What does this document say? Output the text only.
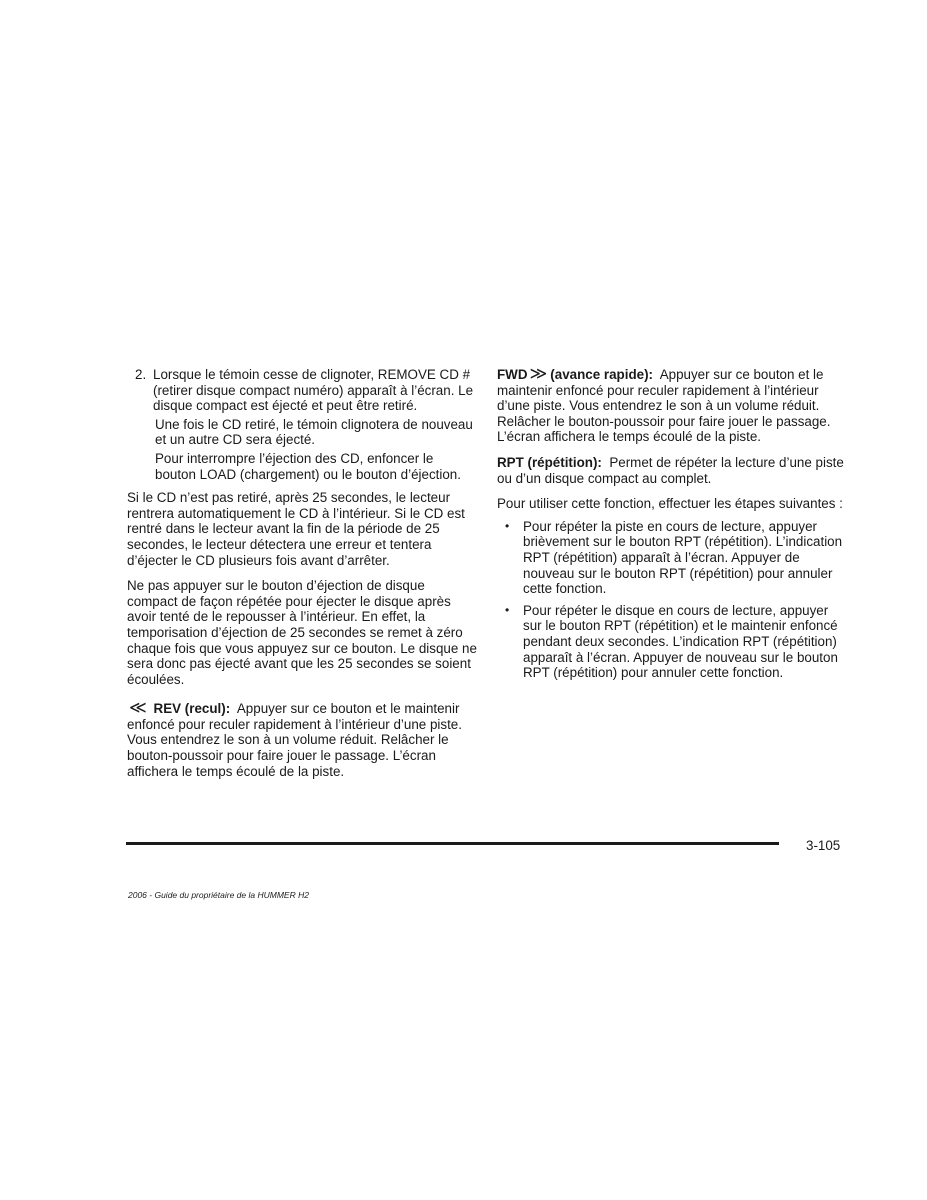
2. Lorsque le témoin cesse de clignoter, REMOVE CD # (retirer disque compact numéro) apparaît à l’écran. Le disque compact est éjecté et peut être retiré.

Une fois le CD retiré, le témoin clignotera de nouveau et un autre CD sera éjecté.

Pour interrompre l’éjection des CD, enfoncer le bouton LOAD (chargement) ou le bouton d’éjection.

Si le CD n’est pas retiré, après 25 secondes, le lecteur rentrera automatiquement le CD à l’intérieur. Si le CD est rentré dans le lecteur avant la fin de la période de 25 secondes, le lecteur détectera une erreur et tentera d’éjecter le CD plusieurs fois avant d’arrêter.

Ne pas appuyer sur le bouton d’éjection de disque compact de façon répétée pour éjecter le disque après avoir tenté de le repousser à l’intérieur. En effet, la temporisation d’éjection de 25 secondes se remet à zéro chaque fois que vous appuyez sur ce bouton. Le disque ne sera donc pas éjecté avant que les 25 secondes se soient écoulées.

≪ REV (recul): Appuyer sur ce bouton et le maintenir enfoncé pour reculer rapidement à l’intérieur d’une piste. Vous entendrez le son à un volume réduit. Relâcher le bouton-poussoir pour faire jouer le passage. L’écran affichera le temps écoulé de la piste.

FWD ≫ (avance rapide): Appuyer sur ce bouton et le maintenir enfoncé pour reculer rapidement à l’intérieur d’une piste. Vous entendrez le son à un volume réduit. Relâcher le bouton-poussoir pour faire jouer le passage. L’écran affichera le temps écoulé de la piste.

RPT (répétition): Permet de répéter la lecture d’une piste ou d’un disque compact au complet.

Pour utiliser cette fonction, effectuer les étapes suivantes :

•	Pour répéter la piste en cours de lecture, appuyer brièvement sur le bouton RPT (répétition). L’indication RPT (répétition) apparaît à l’écran. Appuyer de nouveau sur le bouton RPT (répétition) pour annuler cette fonction.
•	Pour répéter le disque en cours de lecture, appuyer sur le bouton RPT (répétition) et le maintenir enfoncé pendant deux secondes. L’indication RPT (répétition) apparaît à l’écran. Appuyer de nouveau sur le bouton RPT (répétition) pour annuler cette fonction.
3-105
2006 - Guide du propriétaire de la HUMMER H2
